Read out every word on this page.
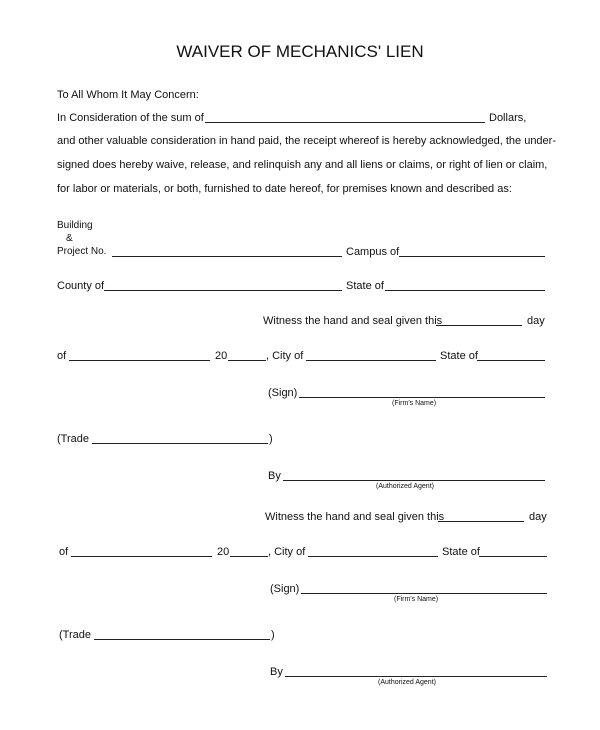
WAIVER OF MECHANICS' LIEN
To All Whom It May Concern:
In Consideration of the sum of	Dollars,
and other valuable consideration in hand paid, the receipt whereof is hereby acknowledged, the under-
signed does hereby waive, release, and relinquish any and all liens or claims, or right of lien or claim,
for labor or materials, or both, furnished to date hereof, for premises known and described as:
Building
&
Project No.	Campus of
County of	State of
Witness the hand and seal given this	day
of	20	, City of	State of
(Sign)
(Firm's Name)
(Trade	)
By
(Authorized Agent)
Witness the hand and seal given this	day
of	20	, City of	State of
(Sign)
(Firm's Name)
(Trade	)
By
(Authorized Agent)
